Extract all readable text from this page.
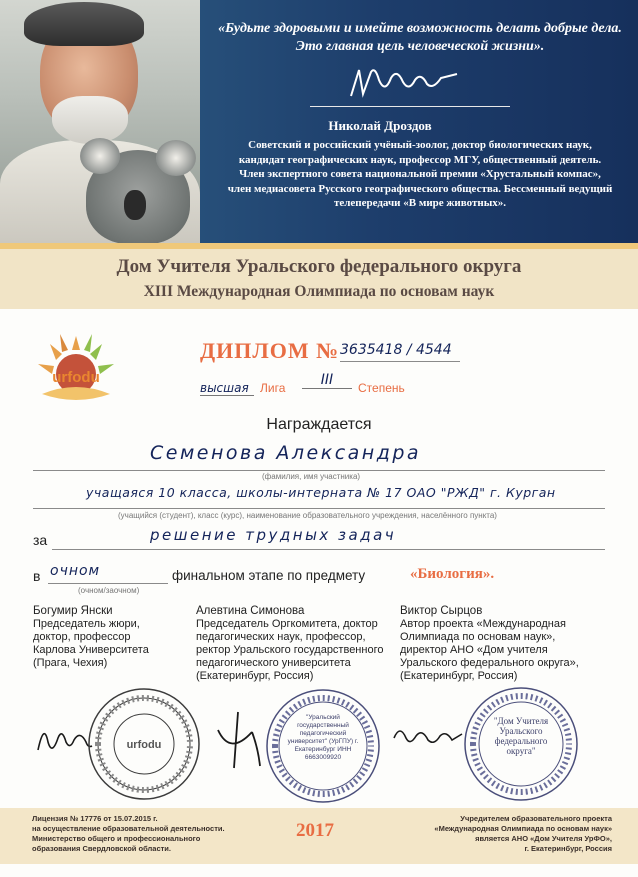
«Будьте здоровыми и имейте возможность делать добрые дела. Это главная цель человеческой жизни».
Николай Дроздов
Советский и российский учёный-зоолог, доктор биологических наук, кандидат географических наук, профессор МГУ, общественный деятель. Член экспертного совета национальной премии «Хрустальный компас», член медиасовета Русского географического общества. Бессменный ведущий телепередачи «В мире животных».
Дом Учителя Уральского федерального округа
XIII Международная Олимпиада по основам наук
urfodu
ДИПЛОМ № 3635418 / 4544
высшая Лига	III	Степень
Награждается
Семенова Александра
(фамилия, имя участника)
учащаяся 10 класса, школы-интерната № 17 ОАО "РЖД" г. Курган
(учащийся (студент), класс (курс), наименование образовательного учреждения, населённого пункта)
за	решение трудных задач
в очном
(очном/заочном)
финальном этапе по предмету	«Биология».
Богумир Янски
Председатель жюри,
доктор, профессор
Карлова Университета
(Прага, Чехия)
Алевтина Симонова
Председатель Оргкомитета, доктор
педагогических наук, профессор,
ректор Уральского государственного
педагогического университета
(Екатеринбург, Россия)
Виктор Сырцов
Автор проекта «Международная
Олимпиада по основам наук»,
директор АНО «Дом учителя
Уральского федерального округа»,
(Екатеринбург, Россия)
urfodu
"Уральский государственный педагогический университет" (УрГПУ) г. Екатеринбург ИНН 6663009920
"Дом Учителя Уральского федерального округа"
Лицензия № 17776 от 15.07.2015 г.
на осуществление образовательной деятельности.
Министерство общего и профессионального
образования Свердловской области.
2017
Учредителем образовательного проекта
«Международная Олимпиада по основам наук»
является АНО «Дом Учителя УрФО»,
г. Екатеринбург, Россия
